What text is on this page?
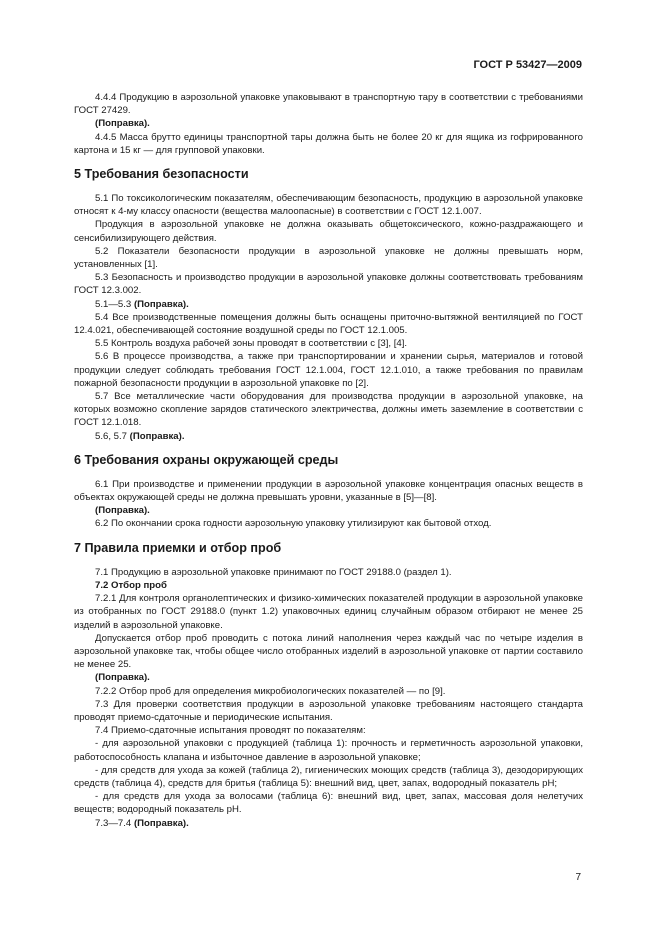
ГОСТ Р 53427—2009

4.4.4 Продукцию в аэрозольной упаковке упаковывают в транспортную тару в соответствии с требованиями ГОСТ 27429.

(Поправка).

4.4.5 Масса брутто единицы транспортной тары должна быть не более 20 кг для ящика из гофрированного картона и 15 кг — для групповой упаковки.

5 Требования безопасности

5.1 По токсикологическим показателям, обеспечивающим безопасность, продукцию в аэрозольной упаковке относят к 4-му классу опасности (вещества малоопасные) в соответствии с ГОСТ 12.1.007.

Продукция в аэрозольной упаковке не должна оказывать общетоксического, кожно-раздражающего и сенсибилизирующего действия.

5.2 Показатели безопасности продукции в аэрозольной упаковке не должны превышать норм, установленных [1].

5.3 Безопасность и производство продукции в аэрозольной упаковке должны соответствовать требованиям ГОСТ 12.3.002.

5.1—5.3 (Поправка).

5.4 Все производственные помещения должны быть оснащены приточно-вытяжной вентиляцией по ГОСТ 12.4.021, обеспечивающей состояние воздушной среды по ГОСТ 12.1.005.

5.5 Контроль воздуха рабочей зоны проводят в соответствии с [3], [4].

5.6 В процессе производства, а также при транспортировании и хранении сырья, материалов и готовой продукции следует соблюдать требования ГОСТ 12.1.004, ГОСТ 12.1.010, а также требования по правилам пожарной безопасности продукции в аэрозольной упаковке по [2].

5.7 Все металлические части оборудования для производства продукции в аэрозольной упаковке, на которых возможно скопление зарядов статического электричества, должны иметь заземление в соответствии с ГОСТ 12.1.018.

5.6, 5.7 (Поправка).

6 Требования охраны окружающей среды

6.1 При производстве и применении продукции в аэрозольной упаковке концентрация опасных веществ в объектах окружающей среды не должна превышать уровни, указанные в [5]—[8].

(Поправка).

6.2 По окончании срока годности аэрозольную упаковку утилизируют как бытовой отход.

7 Правила приемки и отбор проб

7.1 Продукцию в аэрозольной упаковке принимают по ГОСТ 29188.0 (раздел 1).

7.2 Отбор проб

7.2.1 Для контроля органолептических и физико-химических показателей продукции в аэрозольной упаковке из отобранных по ГОСТ 29188.0 (пункт 1.2) упаковочных единиц случайным образом отбирают не менее 25 изделий в аэрозольной упаковке.

Допускается отбор проб проводить с потока линий наполнения через каждый час по четыре изделия в аэрозольной упаковке так, чтобы общее число отобранных изделий в аэрозольной упаковке от партии составило не менее 25.

(Поправка).

7.2.2 Отбор проб для определения микробиологических показателей — по [9].

7.3 Для проверки соответствия продукции в аэрозольной упаковке требованиям настоящего стандарта проводят приемо-сдаточные и периодические испытания.

7.4 Приемо-сдаточные испытания проводят по показателям:

- для аэрозольной упаковки с продукцией (таблица 1): прочность и герметичность аэрозольной упаковки, работоспособность клапана и избыточное давление в аэрозольной упаковке;

- для средств для ухода за кожей (таблица 2), гигиенических моющих средств (таблица 3), дезодорирующих средств (таблица 4), средств для бритья (таблица 5): внешний вид, цвет, запах, водородный показатель pH;

- для средств для ухода за волосами (таблица 6): внешний вид, цвет, запах, массовая доля нелетучих веществ; водородный показатель pH.

7.3—7.4 (Поправка).

7
